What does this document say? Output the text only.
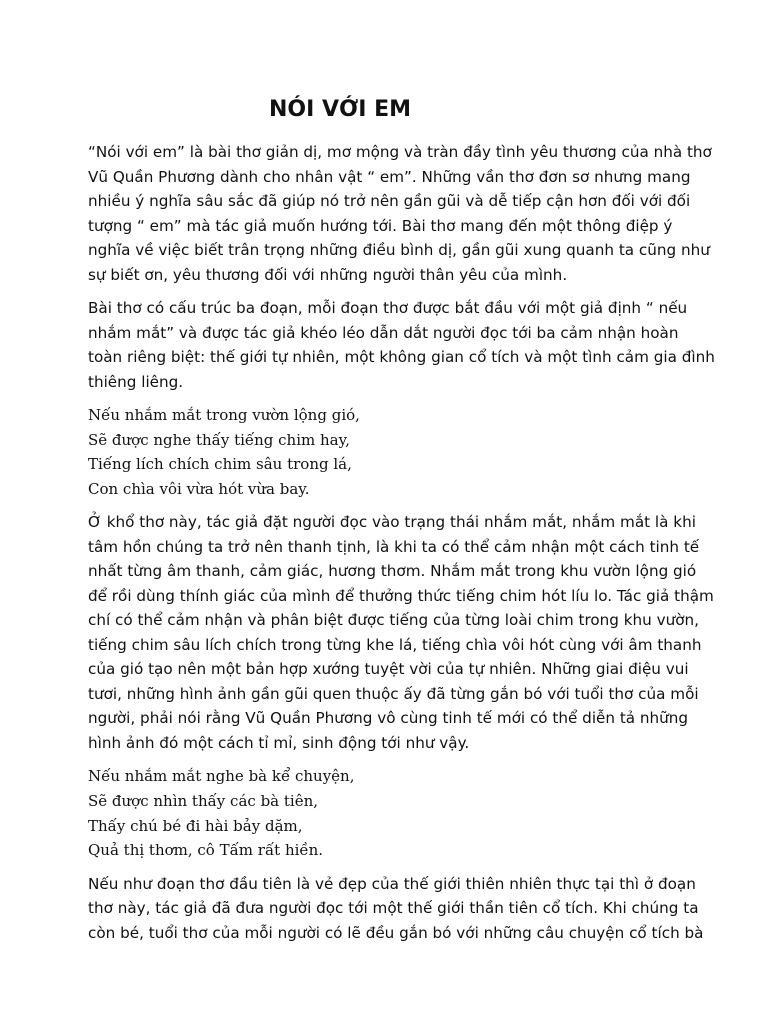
NÓI VỚI EM
“Nói với em” là bài thơ giản dị, mơ mộng và tràn đầy tình yêu thương của nhà thơ
Vũ Quần Phương dành cho nhân vật “ em”. Những vần thơ đơn sơ nhưng mang
nhiều ý nghĩa sâu sắc đã giúp nó trở nên gần gũi và dễ tiếp cận hơn đối với đối
tượng “ em” mà tác giả muốn hướng tới. Bài thơ mang đến một thông điệp ý
nghĩa về việc biết trân trọng những điều bình dị, gần gũi xung quanh ta cũng như
sự biết ơn, yêu thương đối với những người thân yêu của mình.
Bài thơ có cấu trúc ba đoạn, mỗi đoạn thơ được bắt đầu với một giả định “ nếu
nhắm mắt” và được tác giả khéo léo dẫn dắt người đọc tới ba cảm nhận hoàn
toàn riêng biệt: thế giới tự nhiên, một không gian cổ tích và một tình cảm gia đình
thiêng liêng.
Nếu nhắm mắt trong vườn lộng gió,
Sẽ được nghe thấy tiếng chim hay,
Tiếng lích chích chim sâu trong lá,
Con chìa vôi vừa hót vừa bay.
Ở khổ thơ này, tác giả đặt người đọc vào trạng thái nhắm mắt, nhắm mắt là khi
tâm hồn chúng ta trở nên thanh tịnh, là khi ta có thể cảm nhận một cách tinh tế
nhất từng âm thanh, cảm giác, hương thơm. Nhắm mắt trong khu vườn lộng gió
để rồi dùng thính giác của mình để thưởng thức tiếng chim hót líu lo. Tác giả thậm
chí có thể cảm nhận và phân biệt được tiếng của từng loài chim trong khu vườn,
tiếng chim sâu lích chích trong từng khe lá, tiếng chìa vôi hót cùng với âm thanh
của gió tạo nên một bản hợp xướng tuyệt vời của tự nhiên. Những giai điệu vui
tươi, những hình ảnh gần gũi quen thuộc ấy đã từng gắn bó với tuổi thơ của mỗi
người, phải nói rằng Vũ Quần Phương vô cùng tinh tế mới có thể diễn tả những
hình ảnh đó một cách tỉ mỉ, sinh động tới như vậy.
Nếu nhắm mắt nghe bà kể chuyện,
Sẽ được nhìn thấy các bà tiên,
Thấy chú bé đi hài bảy dặm,
Quả thị thơm, cô Tấm rất hiền.
Nếu như đoạn thơ đầu tiên là vẻ đẹp của thế giới thiên nhiên thực tại thì ở đoạn
thơ này, tác giả đã đưa người đọc tới một thế giới thần tiên cổ tích. Khi chúng ta
còn bé, tuổi thơ của mỗi người có lẽ đều gắn bó với những câu chuyện cổ tích bà
